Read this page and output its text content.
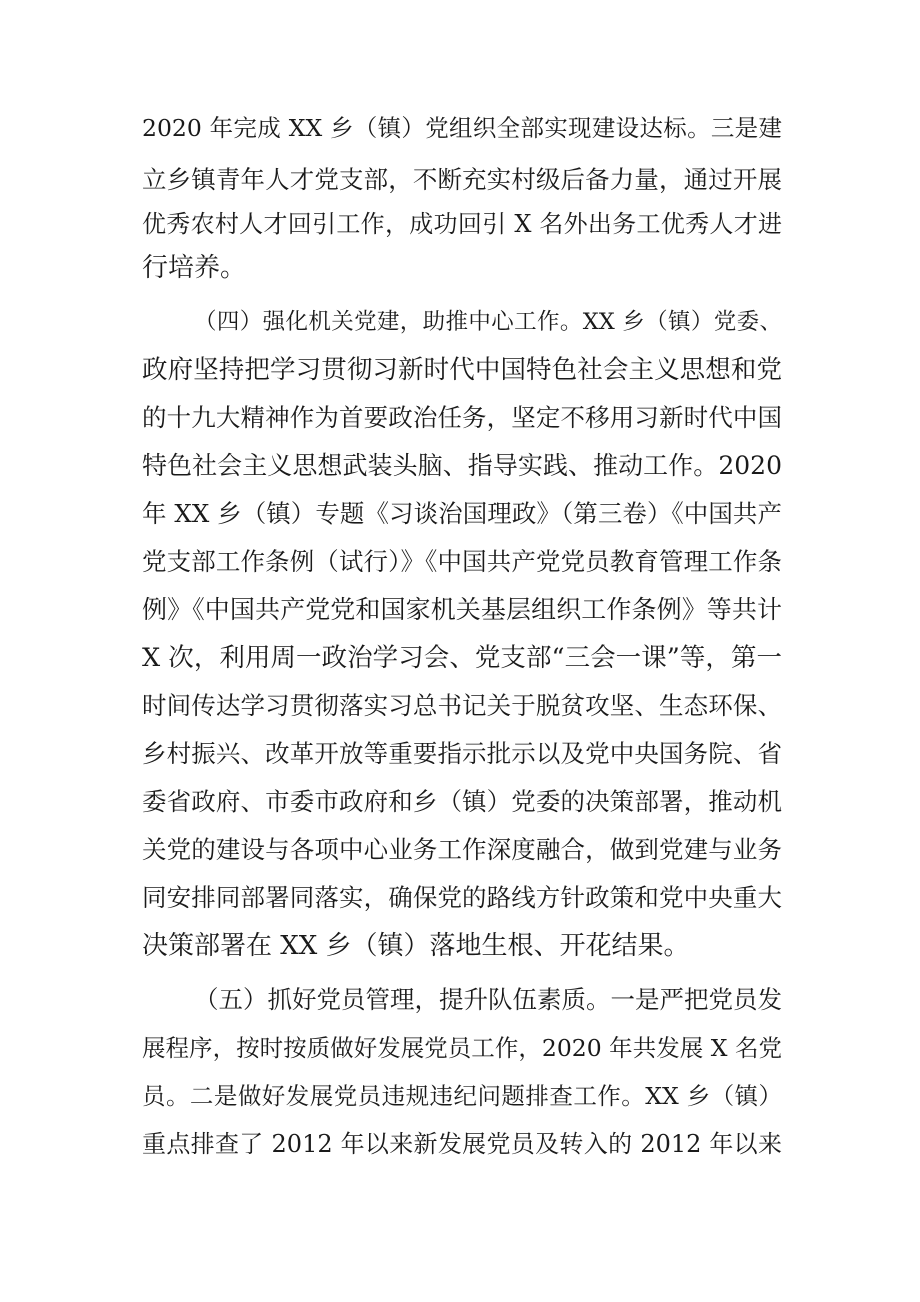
2020 年完成 XX 乡（镇）党组织全部实现建设达标。三是建
立乡镇青年人才党支部，不断充实村级后备力量，通过开展
优秀农村人才回引工作，成功回引 X 名外出务工优秀人才进
行培养。
（四）强化机关党建，助推中心工作。XX 乡（镇）党委、
政府坚持把学习贯彻习新时代中国特色社会主义思想和党
的十九大精神作为首要政治任务，坚定不移用习新时代中国
特色社会主义思想武装头脑、指导实践、推动工作。2020
年 XX 乡（镇）专题《习谈治国理政》（第三卷）《中国共产
党支部工作条例（试行）》《中国共产党党员教育管理工作条
例》《中国共产党党和国家机关基层组织工作条例》等共计
X 次，利用周一政治学习会、党支部“三会一课”等，第一
时间传达学习贯彻落实习总书记关于脱贫攻坚、生态环保、
乡村振兴、改革开放等重要指示批示以及党中央国务院、省
委省政府、市委市政府和乡（镇）党委的决策部署，推动机
关党的建设与各项中心业务工作深度融合，做到党建与业务
同安排同部署同落实，确保党的路线方针政策和党中央重大
决策部署在 XX 乡（镇）落地生根、开花结果。
（五）抓好党员管理，提升队伍素质。一是严把党员发
展程序，按时按质做好发展党员工作，2020 年共发展 X 名党
员。二是做好发展党员违规违纪问题排查工作。XX 乡（镇）
重点排查了 2012 年以来新发展党员及转入的 2012 年以来
